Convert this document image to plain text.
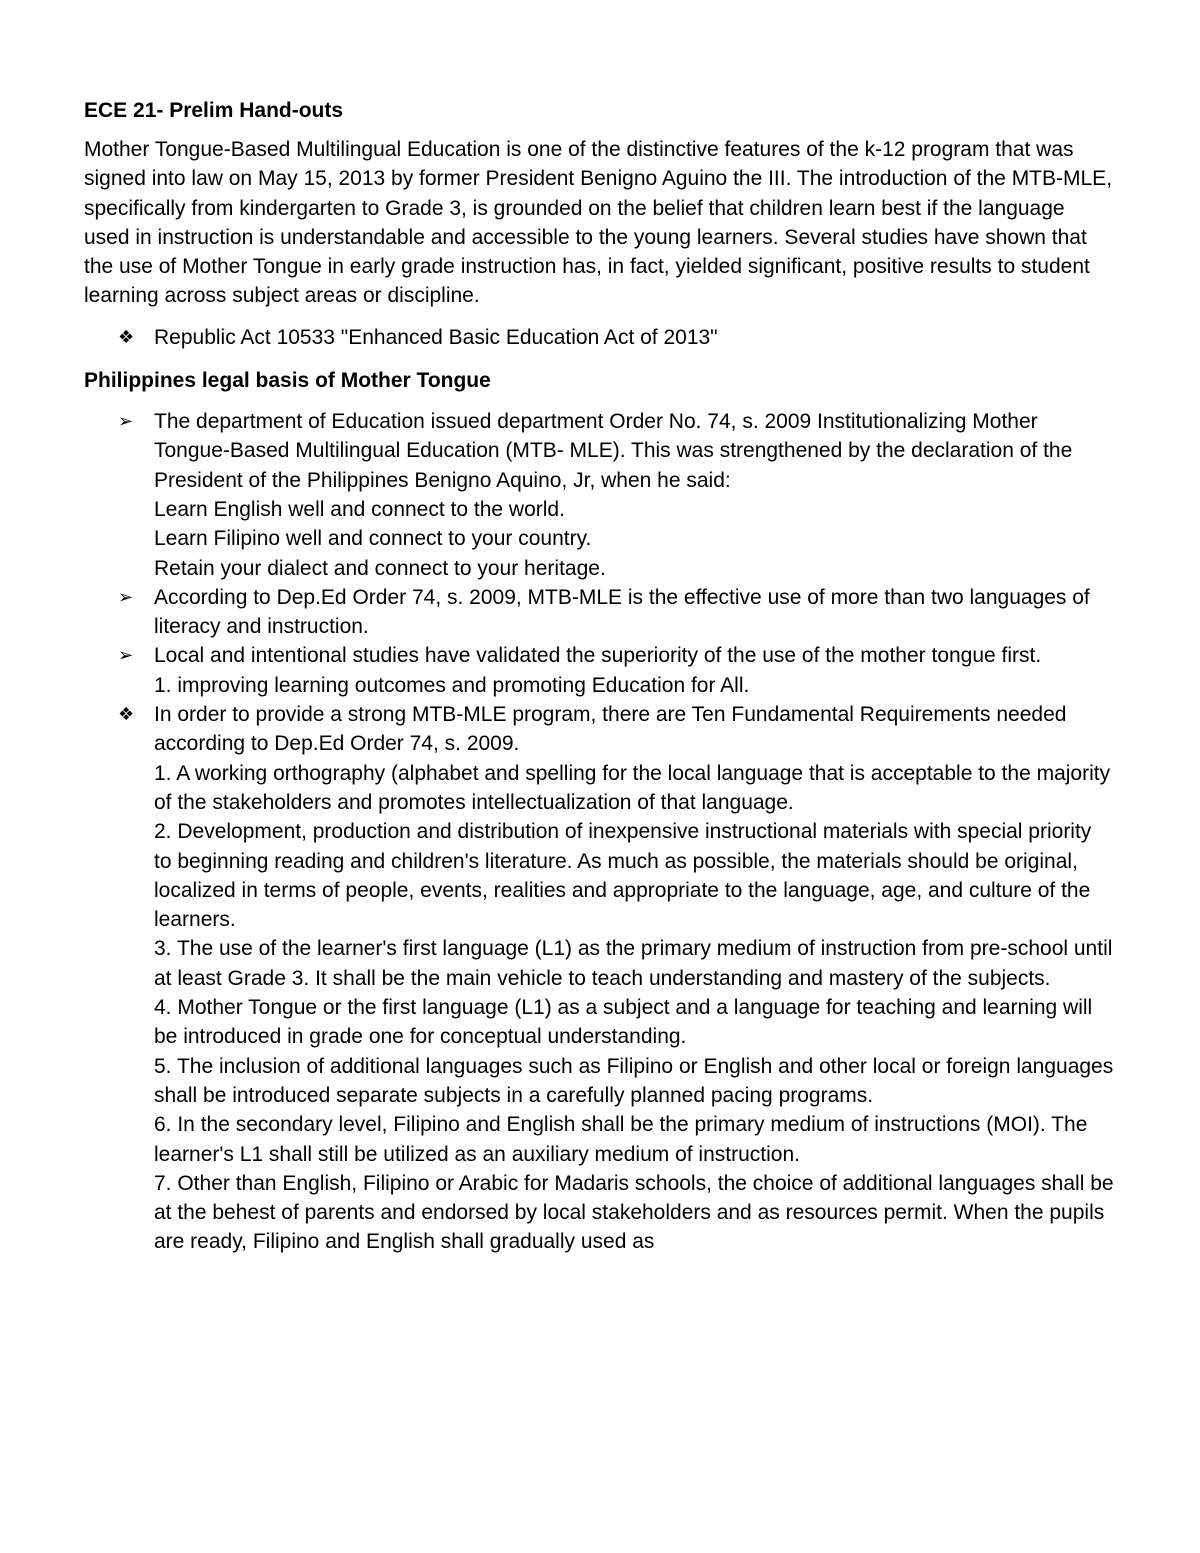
ECE 21- Prelim Hand-outs
Mother Tongue-Based Multilingual Education is one of the distinctive features of the k-12 program that was signed into law on May 15, 2013 by former President Benigno Aguino the III. The introduction of the MTB-MLE, specifically from kindergarten to Grade 3, is grounded on the belief that children learn best if the language used in instruction is understandable and accessible to the young learners. Several studies have shown that the use of Mother Tongue in early grade instruction has, in fact, yielded significant, positive results to student learning across subject areas or discipline.
❖ Republic Act 10533 "Enhanced Basic Education Act of 2013"
Philippines legal basis of Mother Tongue
➢ The department of Education issued department Order No. 74, s. 2009 Institutionalizing Mother Tongue-Based Multilingual Education (MTB- MLE). This was strengthened by the declaration of the President of the Philippines Benigno Aquino, Jr, when he said:
Learn English well and connect to the world.
Learn Filipino well and connect to your country.
Retain your dialect and connect to your heritage.
➢ According to Dep.Ed Order 74, s. 2009, MTB-MLE is the effective use of more than two languages of literacy and instruction.
➢ Local and intentional studies have validated the superiority of the use of the mother tongue first.
1. improving learning outcomes and promoting Education for All.
❖ In order to provide a strong MTB-MLE program, there are Ten Fundamental Requirements needed according to Dep.Ed Order 74, s. 2009.
1. A working orthography (alphabet and spelling for the local language that is acceptable to the majority of the stakeholders and promotes intellectualization of that language.
2. Development, production and distribution of inexpensive instructional materials with special priority to beginning reading and children's literature. As much as possible, the materials should be original, localized in terms of people, events, realities and appropriate to the language, age, and culture of the learners.
3. The use of the learner's first language (L1) as the primary medium of instruction from pre-school until at least Grade 3. It shall be the main vehicle to teach understanding and mastery of the subjects.
4. Mother Tongue or the first language (L1) as a subject and a language for teaching and learning will be introduced in grade one for conceptual understanding.
5. The inclusion of additional languages such as Filipino or English and other local or foreign languages shall be introduced separate subjects in a carefully planned pacing programs.
6. In the secondary level, Filipino and English shall be the primary medium of instructions (MOI). The learner's L1 shall still be utilized as an auxiliary medium of instruction.
7. Other than English, Filipino or Arabic for Madaris schools, the choice of additional languages shall be at the behest of parents and endorsed by local stakeholders and as resources permit. When the pupils are ready, Filipino and English shall gradually used as
